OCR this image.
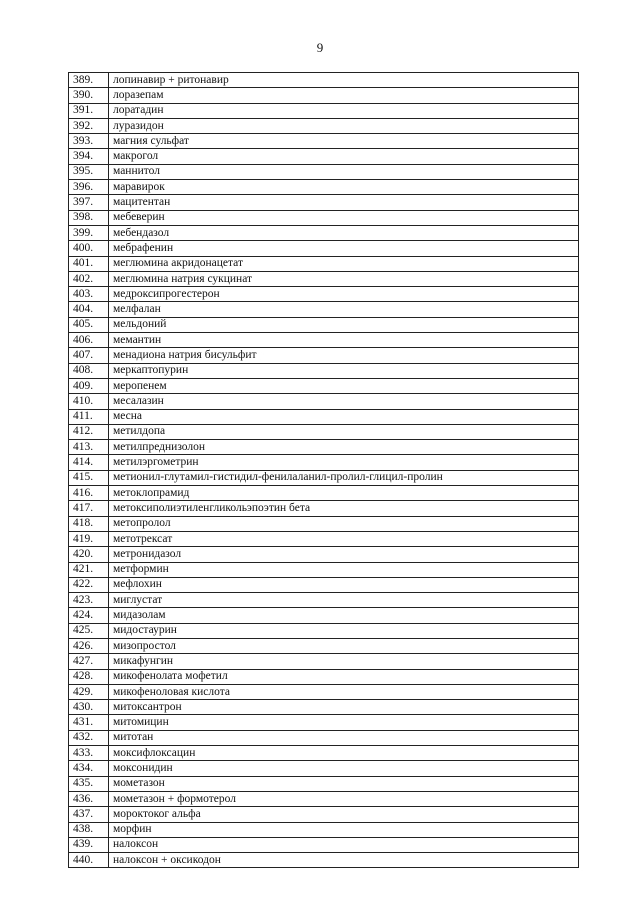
9
389.	лопинавир + ритонавир
390.	лоразепам
391.	лоратадин
392.	луразидон
393.	магния сульфат
394.	макрогол
395.	маннитол
396.	маравирок
397.	мацитентан
398.	мебеверин
399.	мебендазол
400.	мебрафенин
401.	меглюмина акридонацетат
402.	меглюмина натрия сукцинат
403.	медроксипрогестерон
404.	мелфалан
405.	мельдоний
406.	мемантин
407.	менадиона натрия бисульфит
408.	меркаптопурин
409.	меропенем
410.	месалазин
411.	месна
412.	метилдопа
413.	метилпреднизолон
414.	метилэргометрин
415.	метионил-глутамил-гистидил-фенилаланил-пролил-глицил-пролин
416.	метоклопрамид
417.	метоксиполиэтиленгликольэпоэтин бета
418.	метопролол
419.	метотрексат
420.	метронидазол
421.	метформин
422.	мефлохин
423.	миглустат
424.	мидазолам
425.	мидостаурин
426.	мизопростол
427.	микафунгин
428.	микофенолата мофетил
429.	микофеноловая кислота
430.	митоксантрон
431.	митомицин
432.	митотан
433.	моксифлоксацин
434.	моксонидин
435.	мометазон
436.	мометазон + формотерол
437.	мороктоког альфа
438.	морфин
439.	налоксон
440.	налоксон + оксикодон
